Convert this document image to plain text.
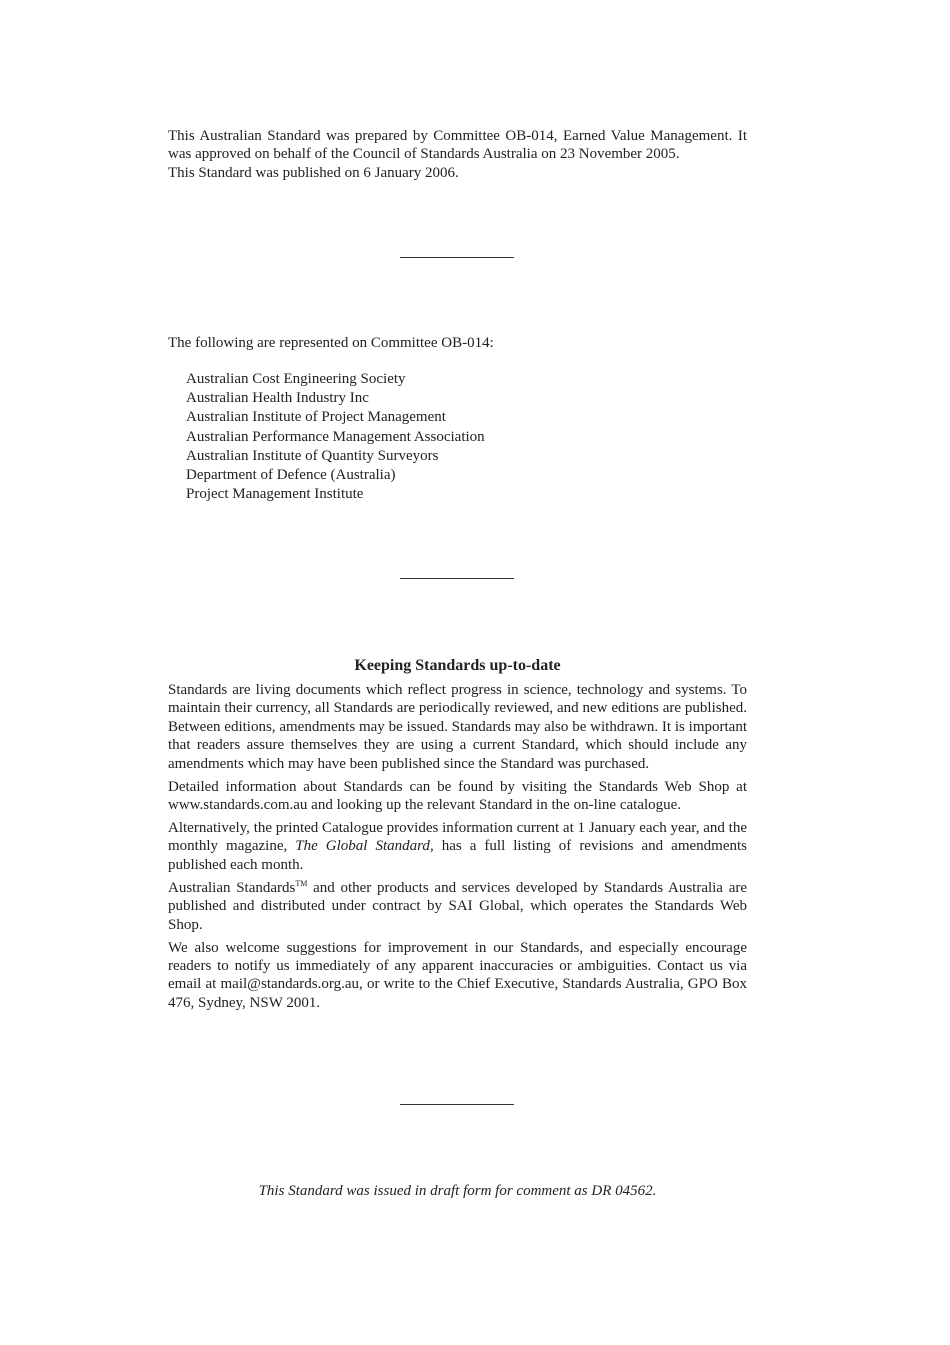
This Australian Standard was prepared by Committee OB-014, Earned Value Management. It was approved on behalf of the Council of Standards Australia on 23 November 2005.

This Standard was published on 6 January 2006.

The following are represented on Committee OB-014:
Australian Cost Engineering Society
Australian Health Industry Inc
Australian Institute of Project Management
Australian Performance Management Association
Australian Institute of Quantity Surveyors
Department of Defence (Australia)
Project Management Institute
Keeping Standards up-to-date

Standards are living documents which reflect progress in science, technology and systems. To maintain their currency, all Standards are periodically reviewed, and new editions are published. Between editions, amendments may be issued. Standards may also be withdrawn. It is important that readers assure themselves they are using a current Standard, which should include any amendments which may have been published since the Standard was purchased.

Detailed information about Standards can be found by visiting the Standards Web Shop at www.standards.com.au and looking up the relevant Standard in the on-line catalogue.

Alternatively, the printed Catalogue provides information current at 1 January each year, and the monthly magazine, The Global Standard, has a full listing of revisions and amendments published each month.

Australian Standards™ and other products and services developed by Standards Australia are published and distributed under contract by SAI Global, which operates the Standards Web Shop.

We also welcome suggestions for improvement in our Standards, and especially encourage readers to notify us immediately of any apparent inaccuracies or ambiguities. Contact us via email at mail@standards.org.au, or write to the Chief Executive, Standards Australia, GPO Box 476, Sydney, NSW 2001.

This Standard was issued in draft form for comment as DR 04562.
